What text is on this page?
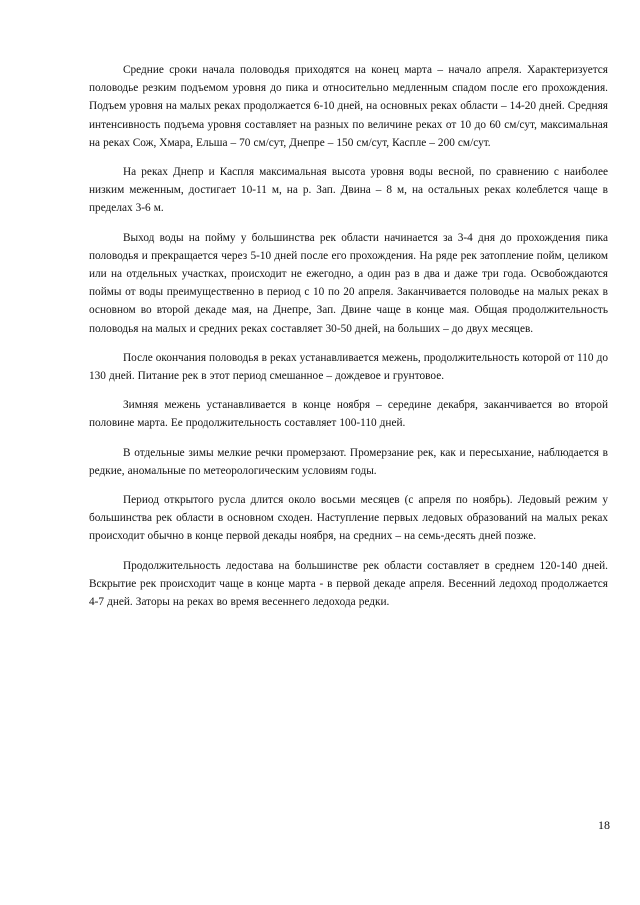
Средние сроки начала половодья приходятся на конец марта – начало апреля. Характеризуется половодье резким подъемом уровня до пика и относительно медленным спадом после его прохождения. Подъем уровня на малых реках продолжается 6-10 дней, на основных реках области – 14-20 дней. Средняя интенсивность подъема уровня составляет на разных по величине реках от 10 до 60 см/сут, максимальная на реках Сож, Хмара, Ельша – 70 см/сут, Днепре – 150 см/сут, Каспле – 200 см/сут.

На реках Днепр и Каспля максимальная высота уровня воды весной, по сравнению с наиболее низким меженным, достигает 10-11 м, на р. Зап. Двина – 8 м, на остальных реках колеблется чаще в пределах 3-6 м.

Выход воды на пойму у большинства рек области начинается за 3-4 дня до прохождения пика половодья и прекращается через 5-10 дней после его прохождения. На ряде рек затопление пойм, целиком или на отдельных участках, происходит не ежегодно, а один раз в два и даже три года. Освобождаются поймы от воды преимущественно в период с 10 по 20 апреля. Заканчивается половодье на малых реках в основном во второй декаде мая, на Днепре, Зап. Двине чаще в конце мая. Общая продолжительность половодья на малых и средних реках составляет 30-50 дней, на больших – до двух месяцев.

После окончания половодья в реках устанавливается межень, продолжительность которой от 110 до 130 дней. Питание рек в этот период смешанное – дождевое и грунтовое.

Зимняя межень устанавливается в конце ноября – середине декабря, заканчивается во второй половине марта. Ее продолжительность составляет 100-110 дней.

В отдельные зимы мелкие речки промерзают. Промерзание рек, как и пересыхание, наблюдается в редкие, аномальные по метеорологическим условиям годы.

Период открытого русла длится около восьми месяцев (с апреля по ноябрь). Ледовый режим у большинства рек области в основном сходен. Наступление первых ледовых образований на малых реках происходит обычно в конце первой декады ноября, на средних – на семь-десять дней позже.

Продолжительность ледостава на большинстве рек области составляет в среднем 120-140 дней. Вскрытие рек происходит чаще в конце марта - в первой декаде апреля. Весенний ледоход продолжается 4-7 дней. Заторы на реках во время весеннего ледохода редки.

18
